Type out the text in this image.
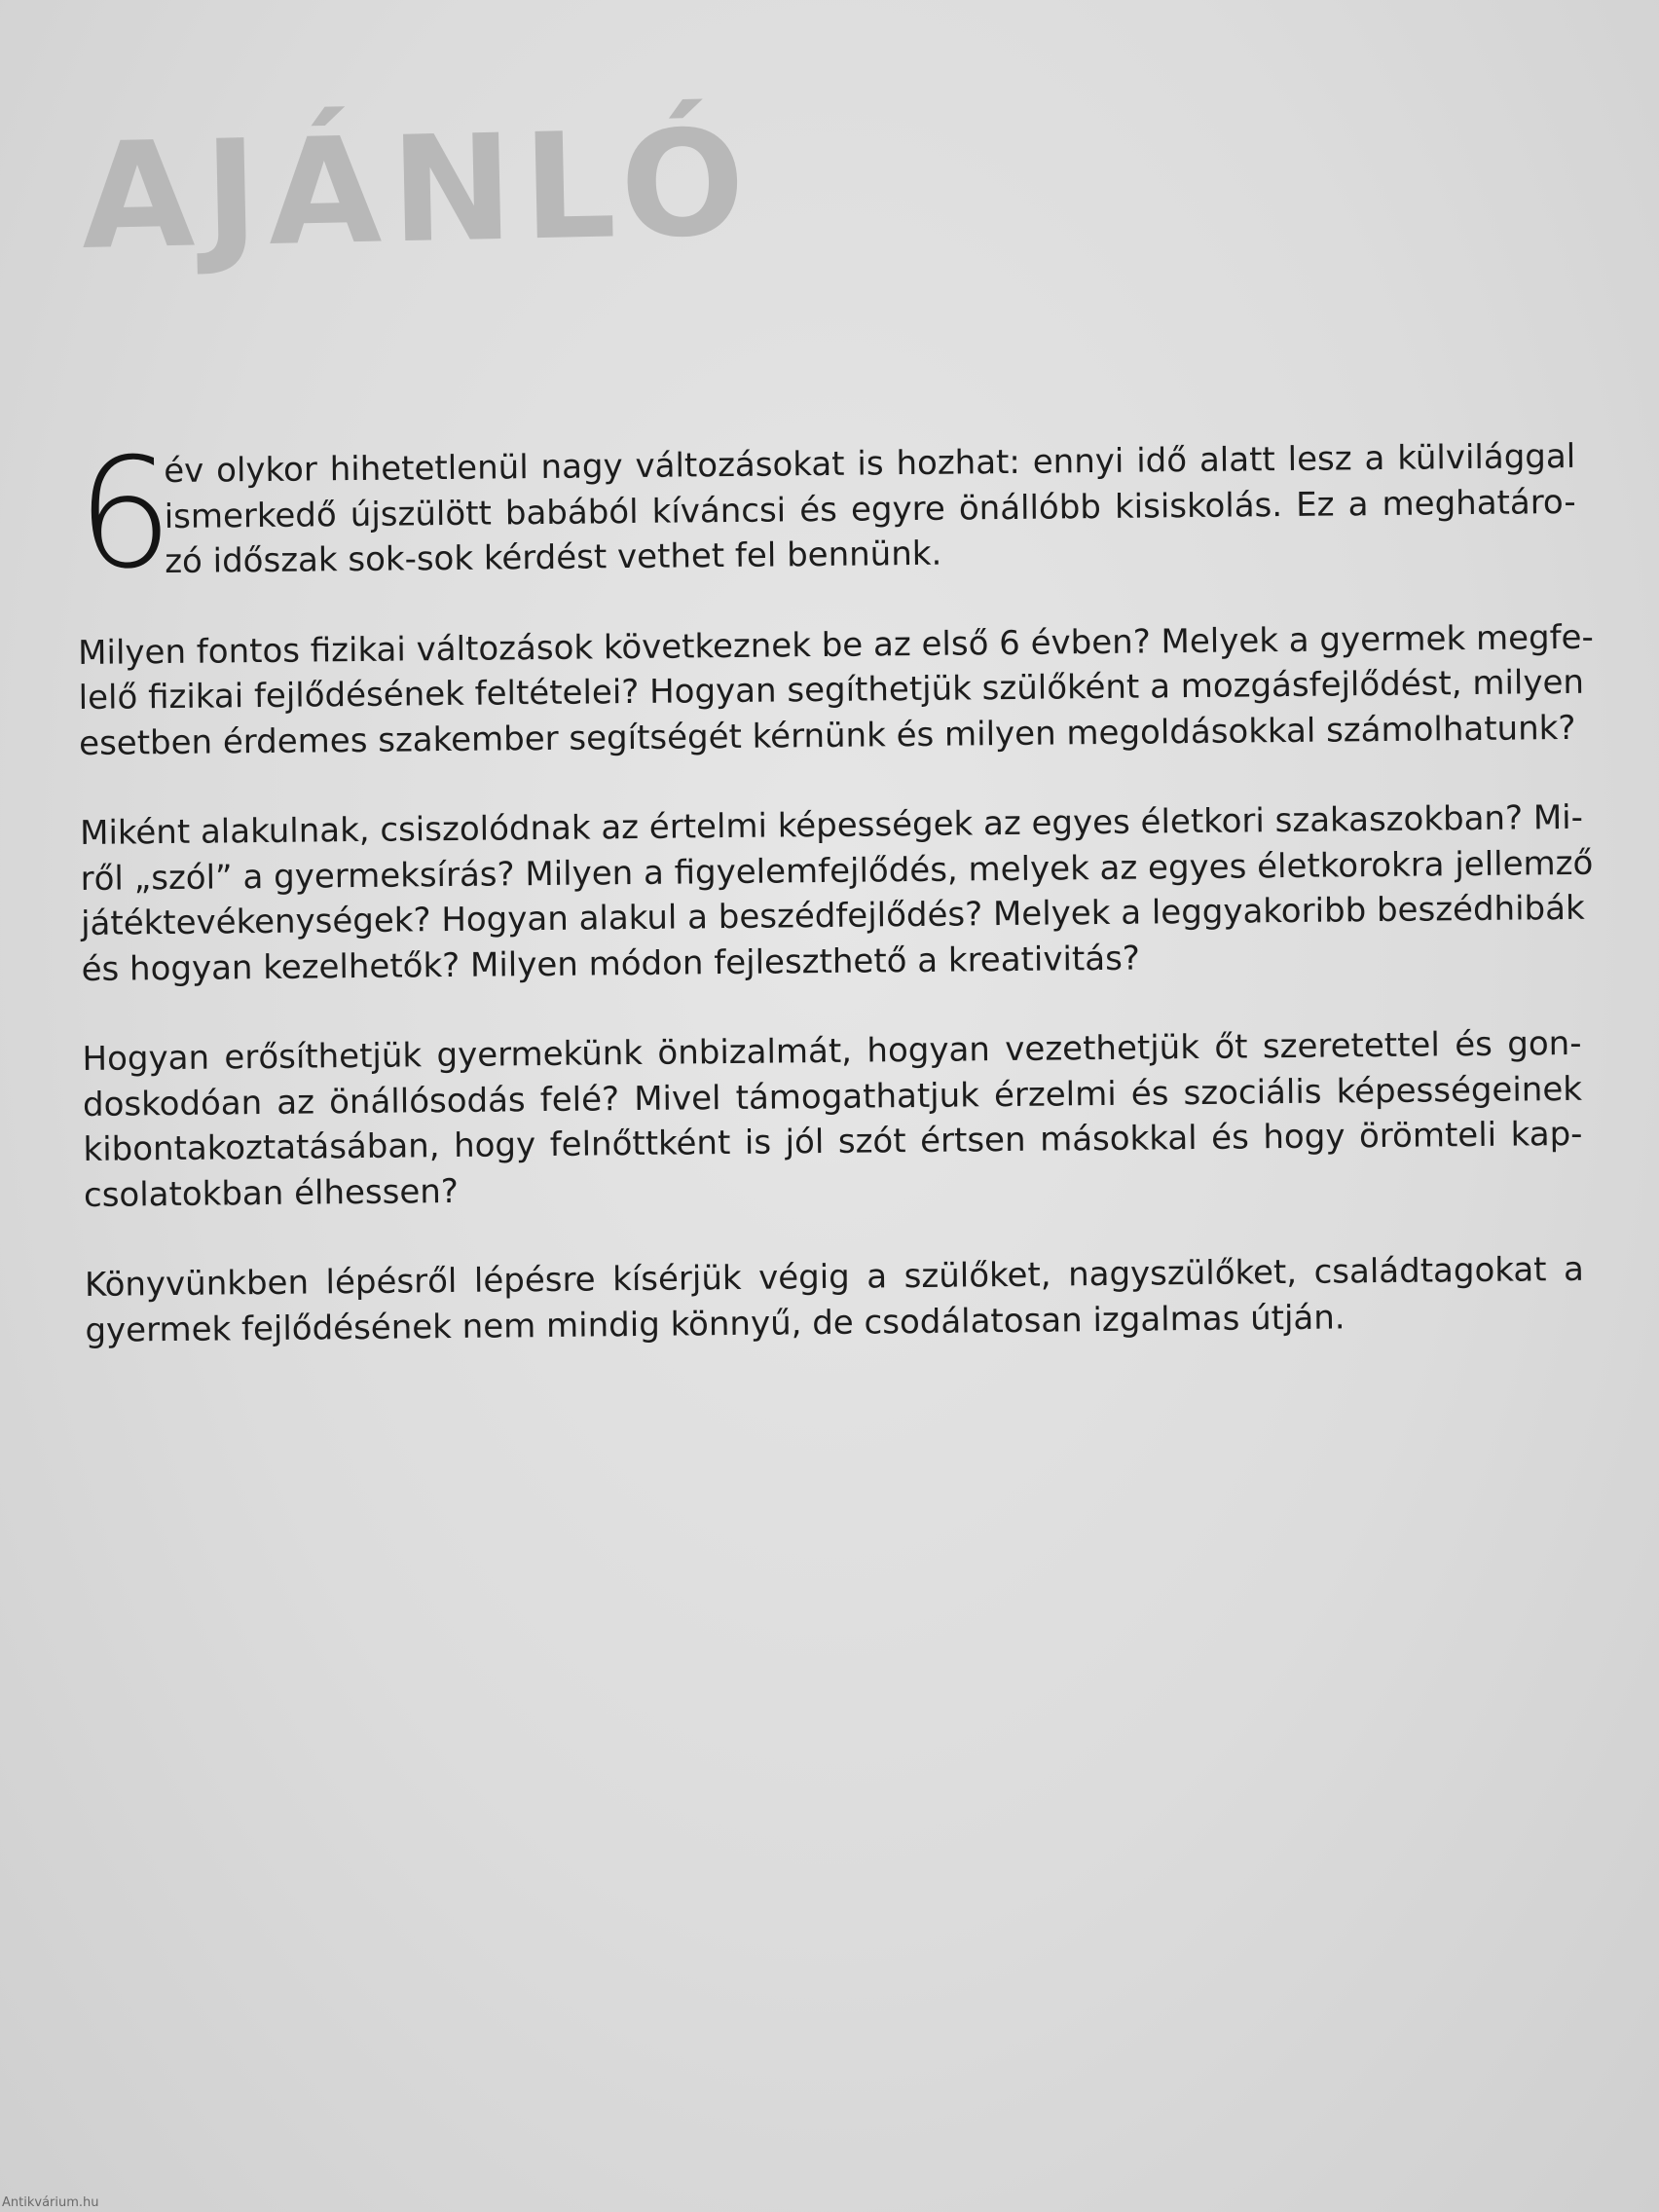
AJÁNLÓ
6
év olykor hihetetlenül nagy változásokat is hozhat: ennyi idő alatt lesz a külvilággal
ismerkedő újszülött babából kíváncsi és egyre önállóbb kisiskolás. Ez a meghatáro-
zó időszak sok-sok kérdést vethet fel bennünk.
Milyen fontos fizikai változások következnek be az első 6 évben? Melyek a gyermek megfe-
lelő fizikai fejlődésének feltételei? Hogyan segíthetjük szülőként a mozgásfejlődést, milyen
esetben érdemes szakember segítségét kérnünk és milyen megoldásokkal számolhatunk?
Miként alakulnak, csiszolódnak az értelmi képességek az egyes életkori szakaszokban? Mi-
ről „szól” a gyermeksírás? Milyen a figyelemfejlődés, melyek az egyes életkorokra jellemző
játéktevékenységek? Hogyan alakul a beszédfejlődés? Melyek a leggyakoribb beszédhibák
és hogyan kezelhetők? Milyen módon fejleszthető a kreativitás?
Hogyan erősíthetjük gyermekünk önbizalmát, hogyan vezethetjük őt szeretettel és gon-
doskodóan az önállósodás felé? Mivel támogathatjuk érzelmi és szociális képességeinek
kibontakoztatásában, hogy felnőttként is jól szót értsen másokkal és hogy örömteli kap-
csolatokban élhessen?
Könyvünkben lépésről lépésre kísérjük végig a szülőket, nagyszülőket, családtagokat a
gyermek fejlődésének nem mindig könnyű, de csodálatosan izgalmas útján.
Antikvárium.hu
